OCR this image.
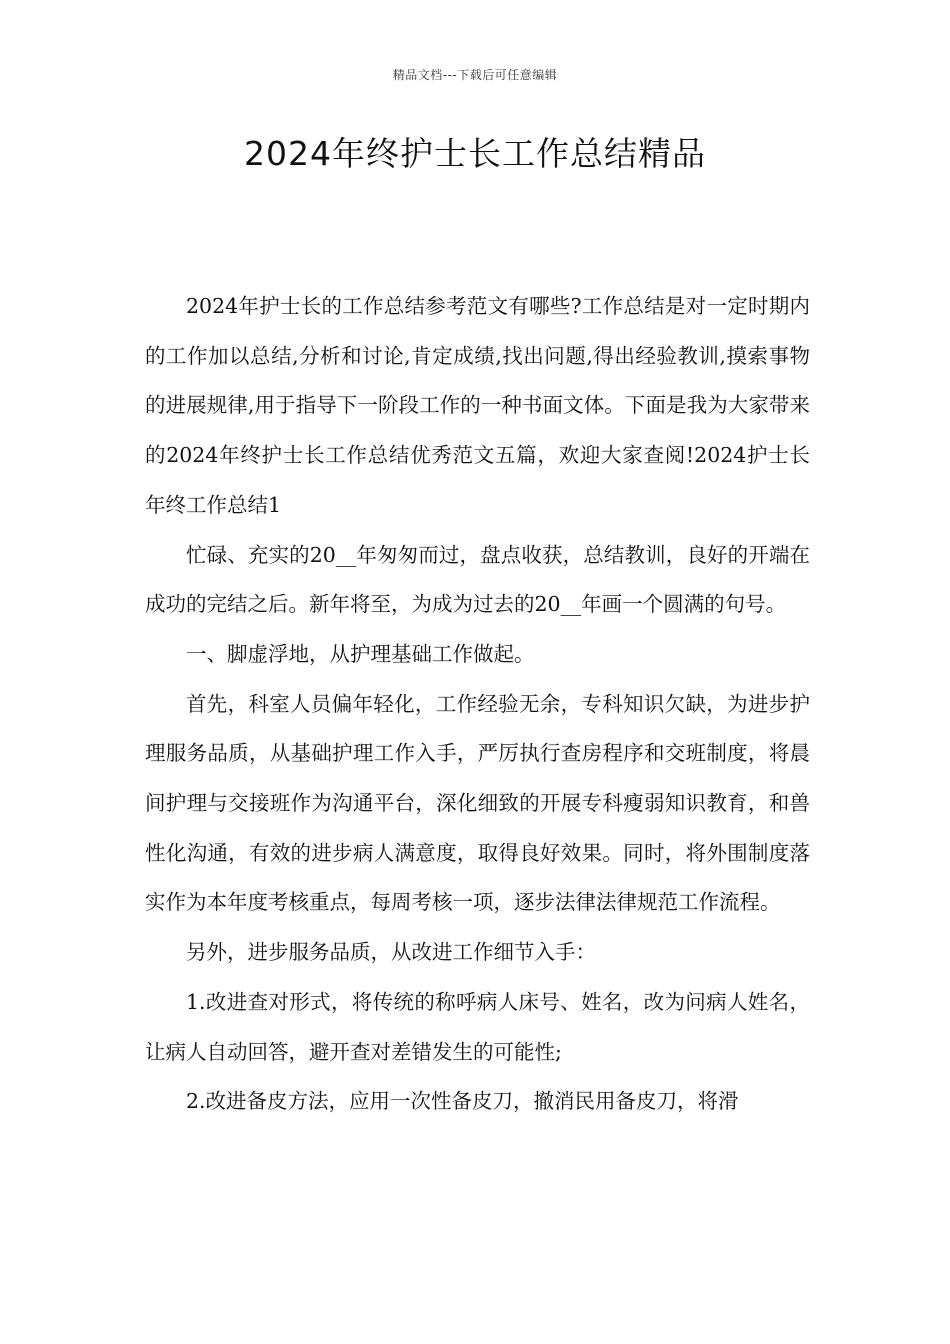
精品文档---下载后可任意编辑
2024年终护士长工作总结精品

2024年护士长的工作总结参考范文有哪些?工作总结是对一定时期内的工作加以总结,分析和讨论,肯定成绩,找出问题,得出经验教训,摸索事物的进展规律,用于指导下一阶段工作的一种书面文体。下面是我为大家带来的2024年终护士长工作总结优秀范文五篇，欢迎大家查阅!2024护士长年终工作总结1

忙碌、充实的20__年匆匆而过，盘点收获，总结教训，良好的开端在成功的完结之后。新年将至，为成为过去的20__年画一个圆满的句号。

一、脚虚浮地，从护理基础工作做起。

首先，科室人员偏年轻化，工作经验无余，专科知识欠缺，为进步护理服务品质，从基础护理工作入手，严厉执行查房程序和交班制度，将晨间护理与交接班作为沟通平台，深化细致的开展专科瘦弱知识教育，和兽性化沟通，有效的进步病人满意度，取得良好效果。同时，将外围制度落实作为本年度考核重点，每周考核一项，逐步法律法律规范工作流程。

另外，进步服务品质，从改进工作细节入手：

1.改进查对形式，将传统的称呼病人床号、姓名，改为问病人姓名，让病人自动回答，避开查对差错发生的可能性;

2.改进备皮方法，应用一次性备皮刀，撤消民用备皮刀，将滑
